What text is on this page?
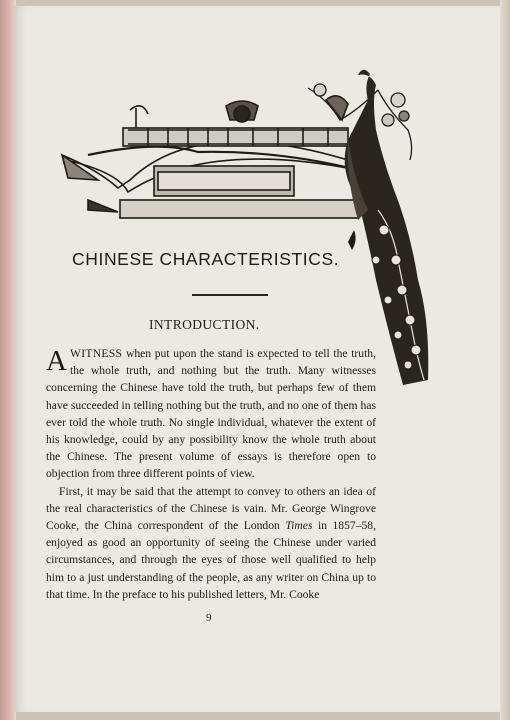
CHINESE CHARACTERISTICS.
INTRODUCTION.

AWITNESS when put upon the stand is expected to tell the truth, the whole truth, and nothing but the truth. Many witnesses concerning the Chinese have told the truth, but perhaps few of them have succeeded in telling nothing but the truth, and no one of them has ever told the whole truth. No single individual, whatever the extent of his knowledge, could by any possibility know the whole truth about the Chinese. The present volume of essays is therefore open to objection from three different points of view.

First, it may be said that the attempt to convey to others an idea of the real characteristics of the Chinese is vain. Mr. George Wingrove Cooke, the China correspondent of the London Times in 1857–58, enjoyed as good an opportunity of seeing the Chinese under varied circumstances, and through the eyes of those well qualified to help him to a just understanding of the people, as any writer on China up to that time. In the preface to his published letters, Mr. Cooke

9
